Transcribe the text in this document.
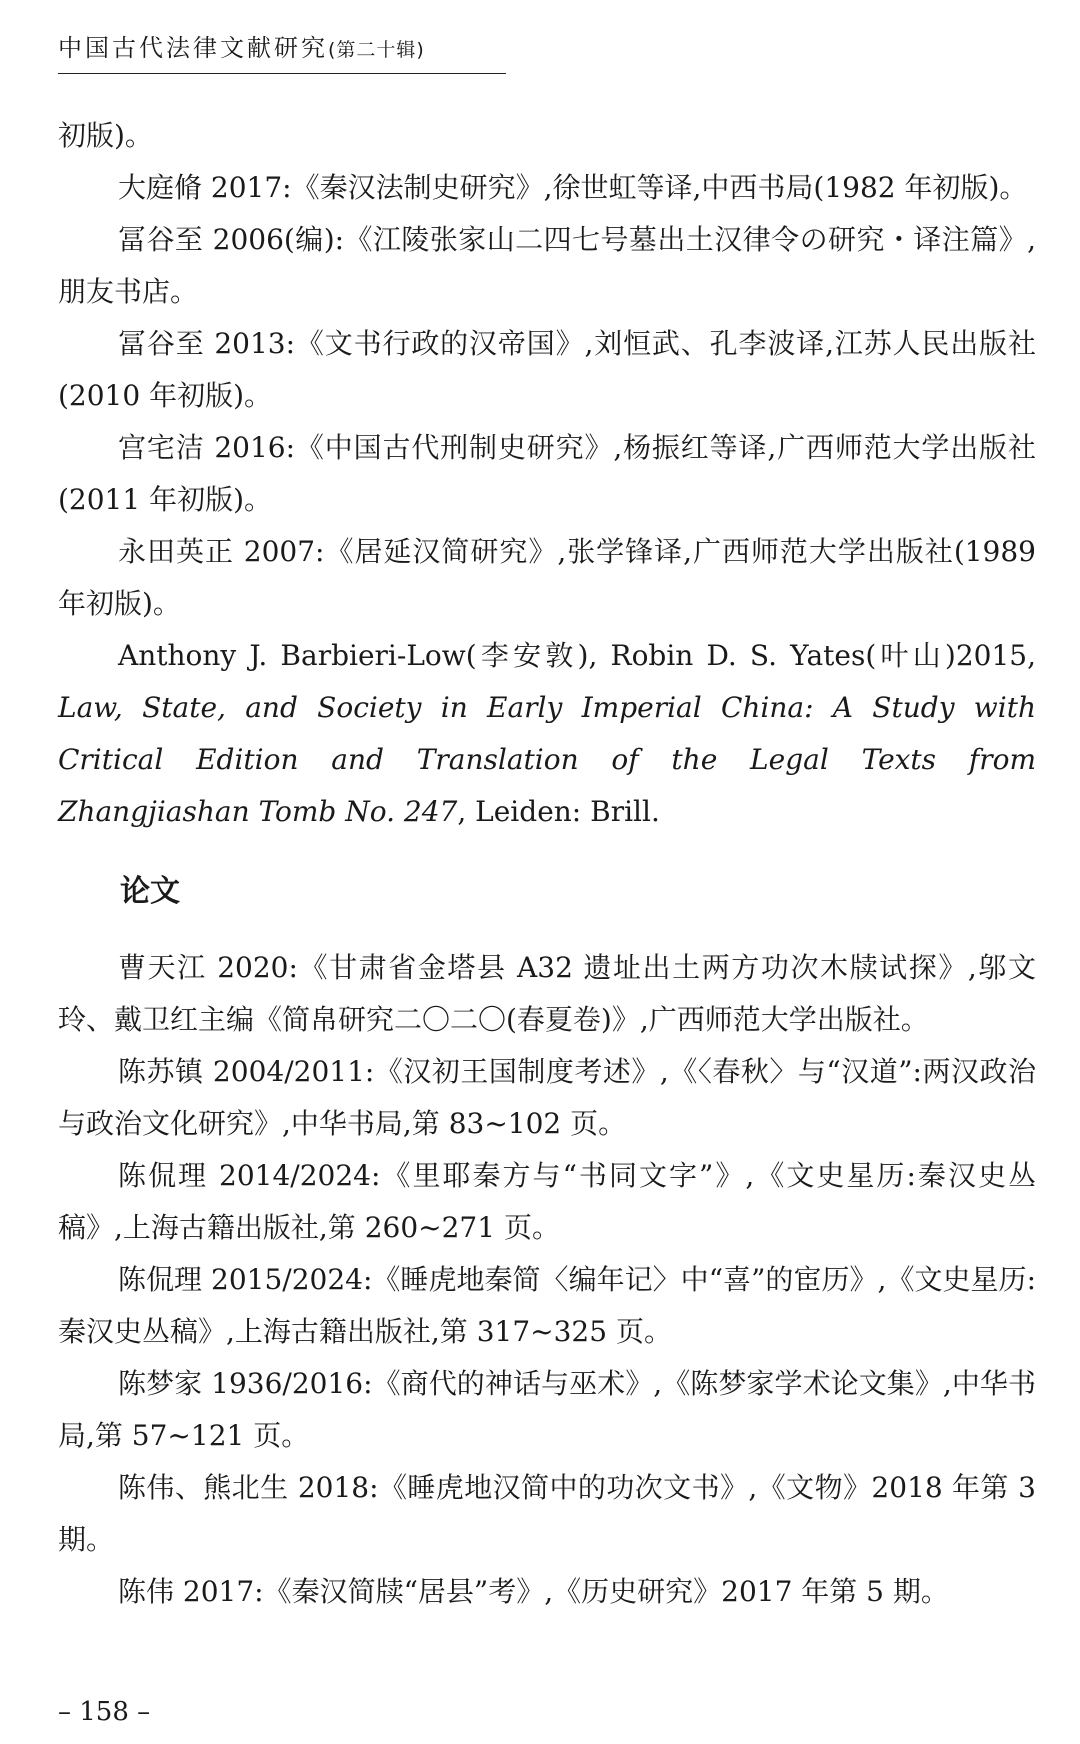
中国古代法律文献研究(第二十辑)

初版)。

大庭脩 2017:《秦汉法制史研究》,徐世虹等译,中西书局(1982 年初版)。

冨谷至 2006(编):《江陵张家山二四七号墓出土汉律令の研究・译注篇》,朋友书店。

冨谷至 2013:《文书行政的汉帝国》,刘恒武、孔李波译,江苏人民出版社(2010 年初版)。

宫宅洁 2016:《中国古代刑制史研究》,杨振红等译,广西师范大学出版社(2011 年初版)。

永田英正 2007:《居延汉简研究》,张学锋译,广西师范大学出版社(1989 年初版)。

Anthony J. Barbieri-Low(李安敦), Robin D. S. Yates(叶山)2015, Law, State, and Society in Early Imperial China: A Study with Critical Edition and Translation of the Legal Texts from Zhangjiashan Tomb No. 247, Leiden: Brill.

论文

曹天江 2020:《甘肃省金塔县 A32 遗址出土两方功次木牍试探》,邬文玲、戴卫红主编《简帛研究二〇二〇(春夏卷)》,广西师范大学出版社。

陈苏镇 2004/2011:《汉初王国制度考述》,《〈春秋〉与“汉道”:两汉政治与政治文化研究》,中华书局,第 83~102 页。

陈侃理 2014/2024:《里耶秦方与“书同文字”》,《文史星历:秦汉史丛稿》,上海古籍出版社,第 260~271 页。

陈侃理 2015/2024:《睡虎地秦简〈编年记〉中“喜”的宦历》,《文史星历:秦汉史丛稿》,上海古籍出版社,第 317~325 页。

陈梦家 1936/2016:《商代的神话与巫术》,《陈梦家学术论文集》,中华书局,第 57~121 页。

陈伟、熊北生 2018:《睡虎地汉简中的功次文书》,《文物》2018 年第 3 期。

陈伟 2017:《秦汉简牍“居县”考》,《历史研究》2017 年第 5 期。

– 158 –
